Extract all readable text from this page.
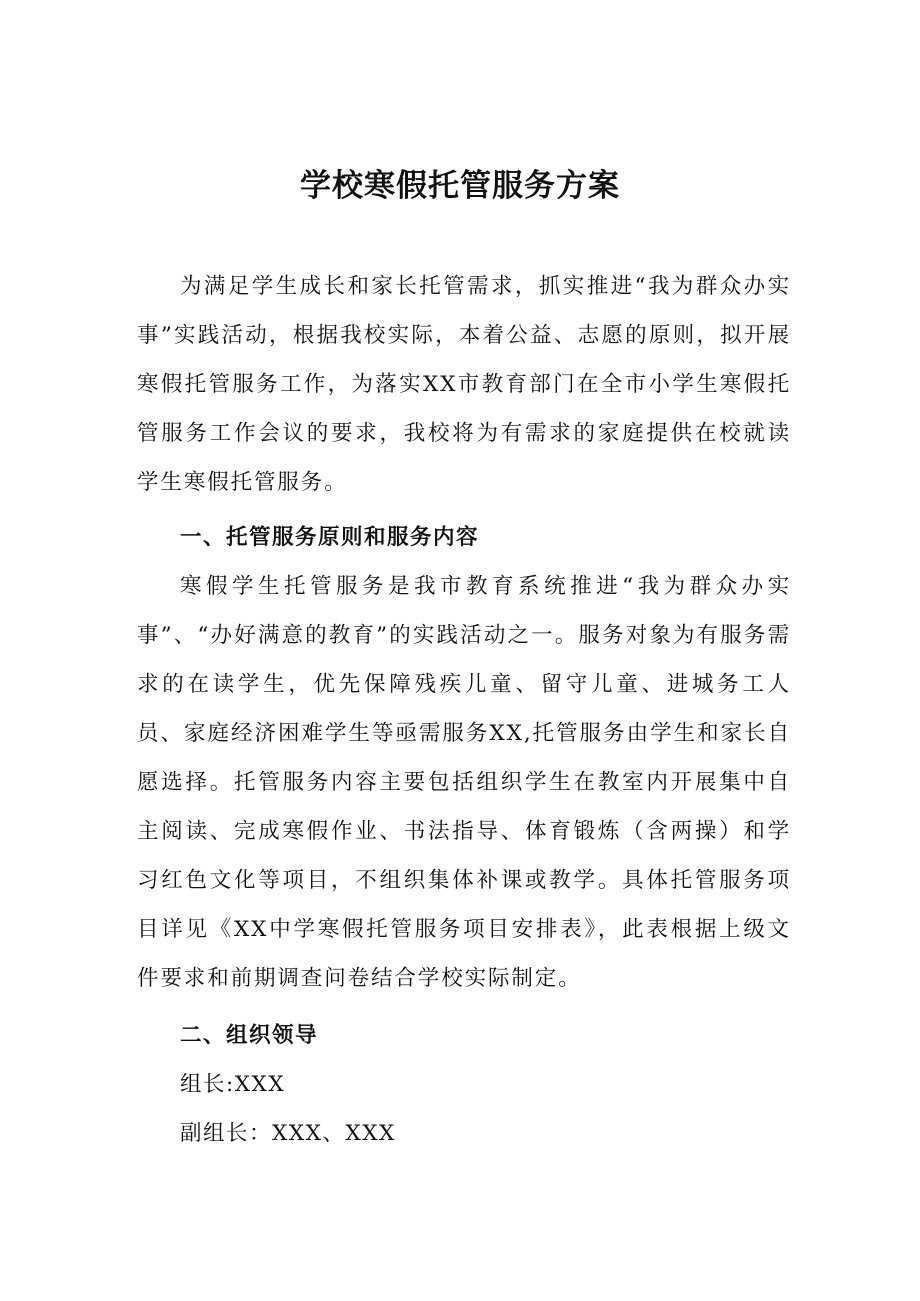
学校寒假托管服务方案

为满足学生成长和家长托管需求，抓实推进“我为群众办实事”实践活动，根据我校实际，本着公益、志愿的原则，拟开展寒假托管服务工作，为落实XX市教育部门在全市小学生寒假托管服务工作会议的要求，我校将为有需求的家庭提供在校就读学生寒假托管服务。

一、托管服务原则和服务内容

寒假学生托管服务是我市教育系统推进“我为群众办实事”、“办好满意的教育”的实践活动之一。服务对象为有服务需求的在读学生，优先保障残疾儿童、留守儿童、进城务工人员、家庭经济困难学生等亟需服务XX,托管服务由学生和家长自愿选择。托管服务内容主要包括组织学生在教室内开展集中自主阅读、完成寒假作业、书法指导、体育锻炼（含两操）和学习红色文化等项目，不组织集体补课或教学。具体托管服务项目详见《XX中学寒假托管服务项目安排表》，此表根据上级文件要求和前期调查问卷结合学校实际制定。

二、组织领导

组长:XXX

副组长：XXX、XXX
